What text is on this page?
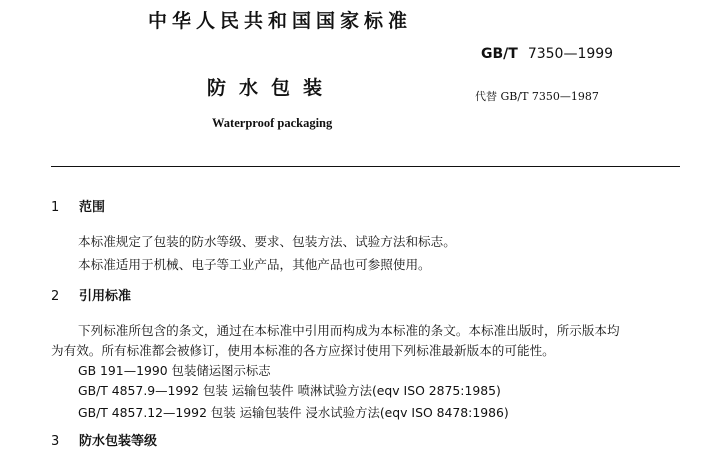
中华人民共和国国家标准
GB/T 7350—1999
防水包装	代替 GB/T 7350—1987
Waterproof packaging
1 范围
本标准规定了包装的防水等级、要求、包装方法、试验方法和标志。
本标准适用于机械、电子等工业产品，其他产品也可参照使用。
2 引用标准
下列标准所包含的条文，通过在本标准中引用而构成为本标准的条文。本标准出版时，所示版本均
为有效。所有标准都会被修订，使用本标准的各方应探讨使用下列标准最新版本的可能性。
GB 191—1990 包装储运图示标志
GB/T 4857.9—1992 包装 运输包装件 喷淋试验方法(eqv ISO 2875:1985)
GB/T 4857.12—1992 包装 运输包装件 浸水试验方法(eqv ISO 8478:1986)
3 防水包装等级
